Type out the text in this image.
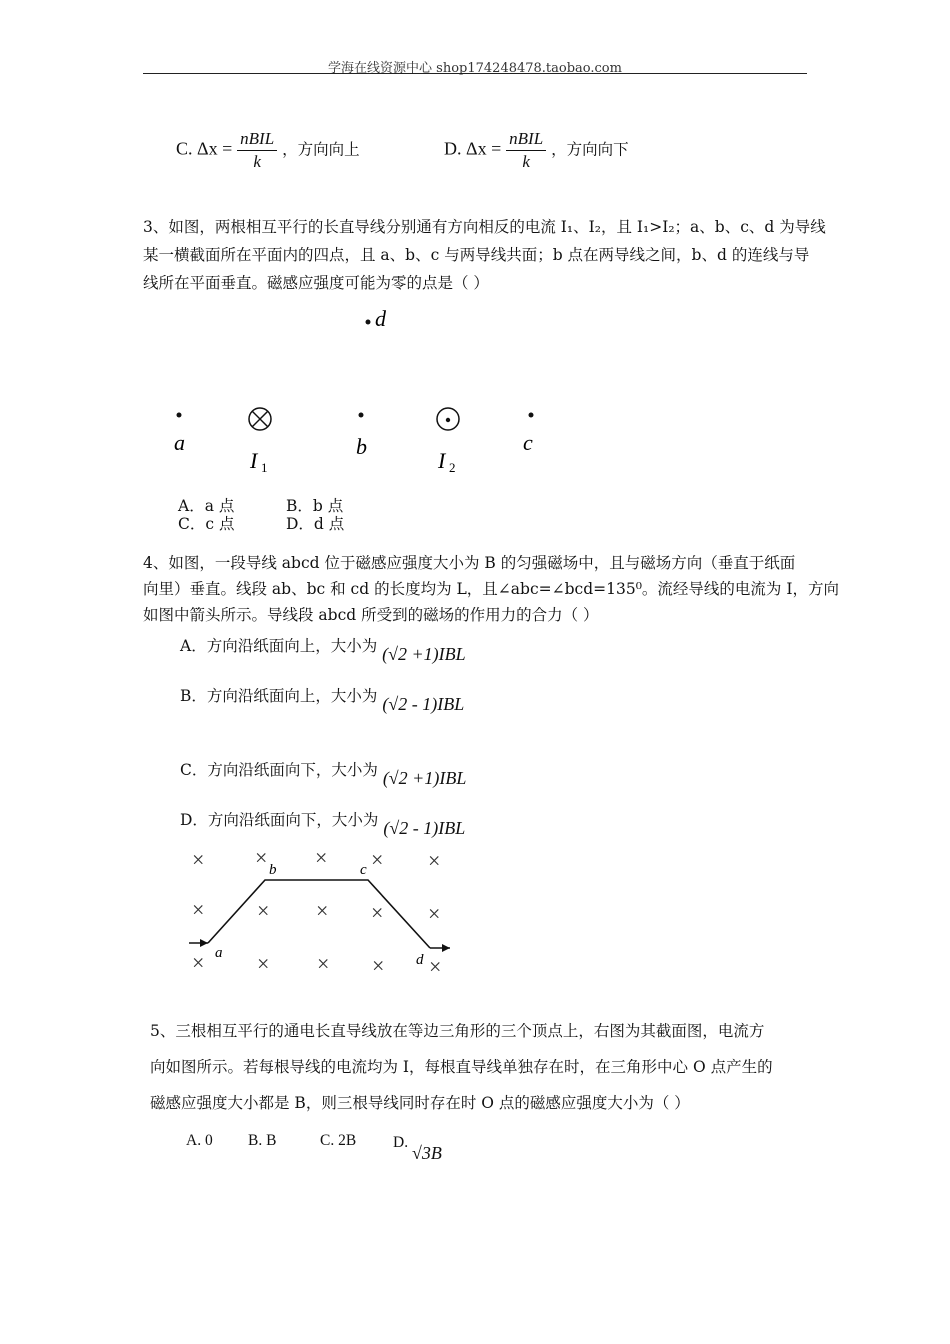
学海在线资源中心 shop174248478.taobao.com
C. $\Delta x = \frac{\text{nBIL}}{k}$ ，方向向上	D. $\Delta x = \frac{\text{nBIL}}{k}$ ，方向向下
3、如图，两根相互平行的长直导线分别通有方向相反的电流 I₁、I₂，且 I₁>I₂；a、b、c、d 为导线
某一横截面所在平面内的四点，且 a、b、c 与两导线共面；b 点在两导线之间，b、d 的连线与导
线所在平面垂直。磁感应强度可能为零的点是（ ）
d
a
I 1
b
I 2
c
A．a 点	B．b 点
C．c 点	D．d 点
4、如图，一段导线 abcd 位于磁感应强度大小为 B 的匀强磁场中，且与磁场方向（垂直于纸面
向里）垂直。线段 ab、bc 和 cd 的长度均为 L，且∠abc=∠bcd=135⁰。流经导线的电流为 I，方向
如图中箭头所示。导线段 abcd 所受到的磁场的作用力的合力（ ）
A．方向沿纸面向上，大小为 (√2 +1)IBL
B．方向沿纸面向上，大小为 (√2 - 1)IBL
C．方向沿纸面向下，大小为 (√2 +1)IBL
D．方向沿纸面向下，大小为 (√2 - 1)IBL
× × × × ×
× × × × ×
× × × × ×
a
b	c
d
5、三根相互平行的通电长直导线放在等边三角形的三个顶点上，右图为其截面图，电流方
向如图所示。若每根导线的电流均为 I，每根直导线单独存在时，在三角形中心 O 点产生的
磁感应强度大小都是 B，则三根导线同时存在时 O 点的磁感应强度大小为（ ）
A. 0 B. B	C. 2B D. √3B
